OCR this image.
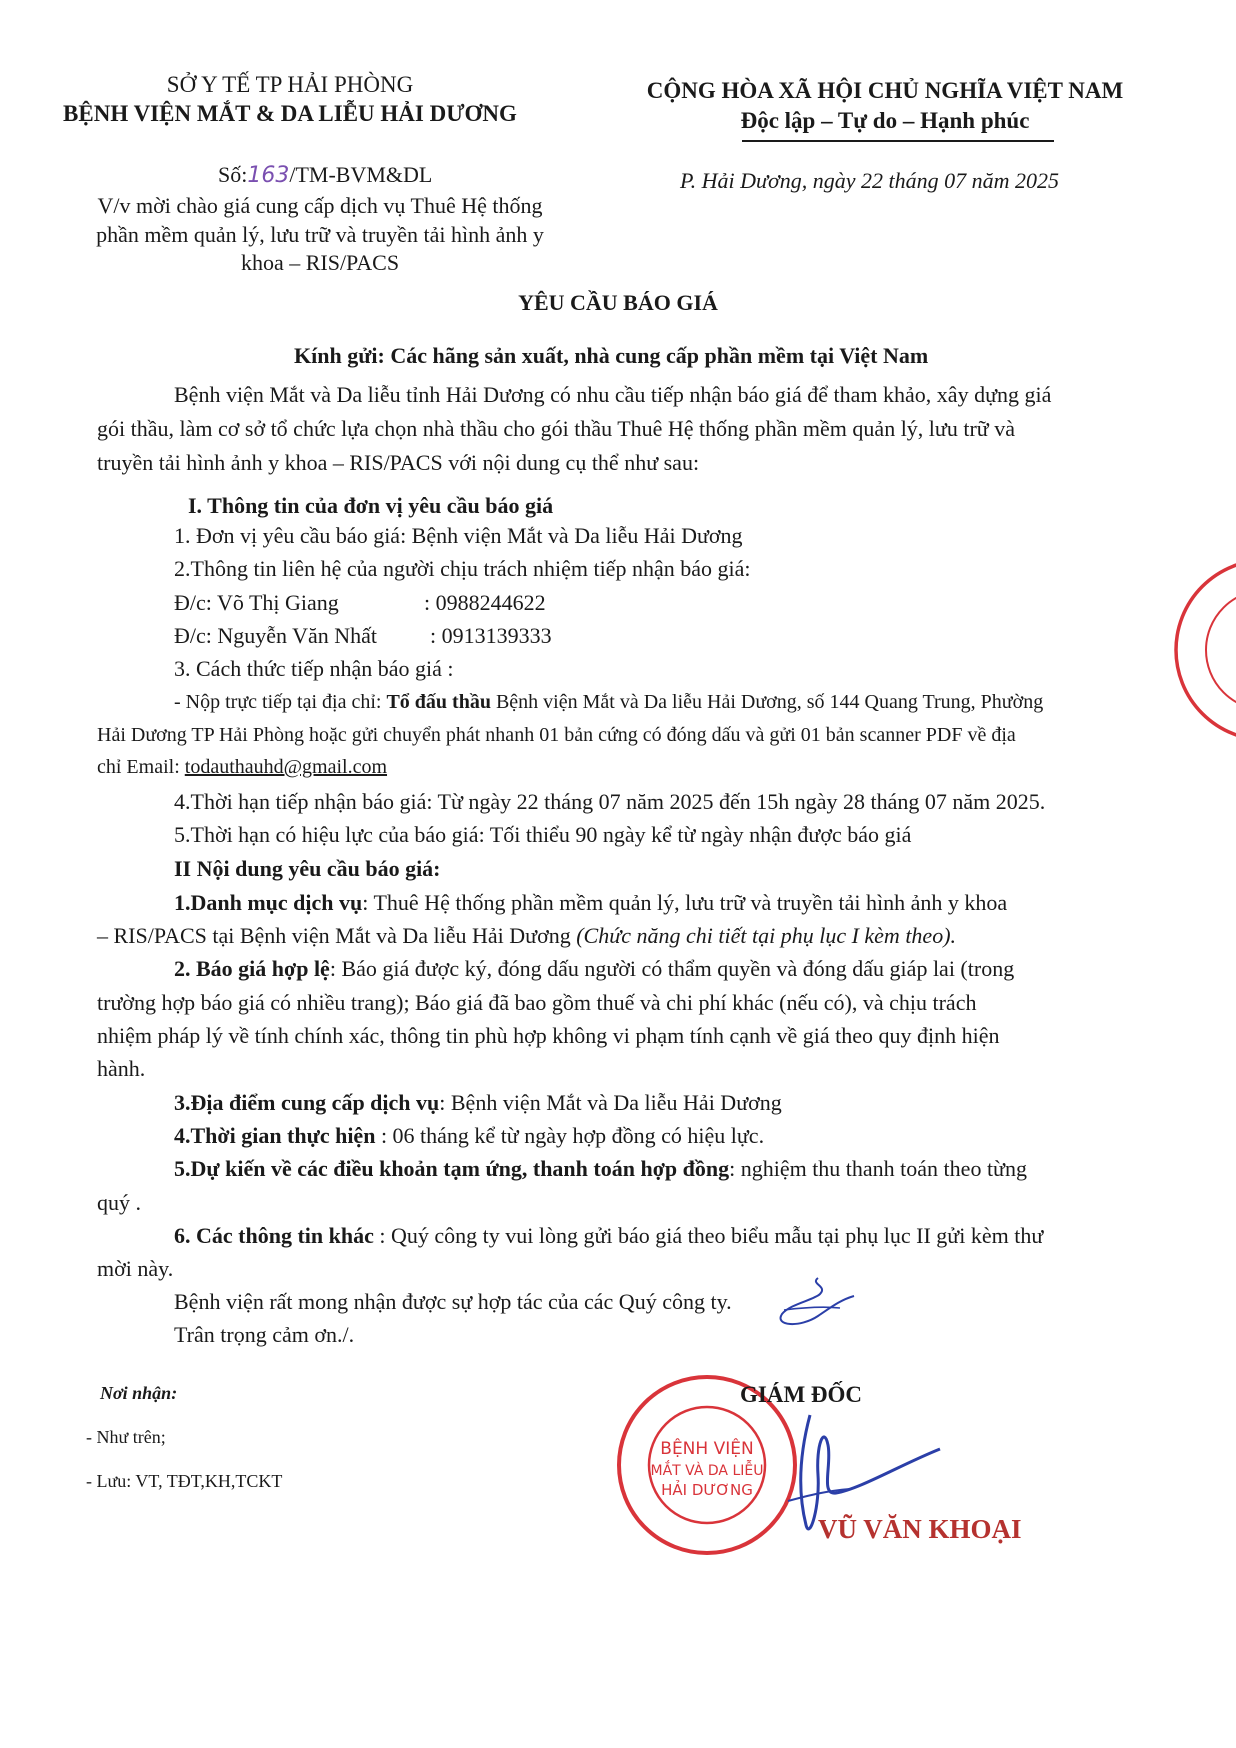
SỞ Y TẾ TP HẢI PHÒNG
BỆNH VIỆN MẮT & DA LIỄU HẢI DƯƠNG
CỘNG HÒA XÃ HỘI CHỦ NGHĨA VIỆT NAM
Độc lập – Tự do – Hạnh phúc
Số:163/TM-BVM&DL	P. Hải Dương, ngày 22 tháng 07 năm 2025
V/v mời chào giá cung cấp dịch vụ Thuê Hệ thống
phần mềm quản lý, lưu trữ và truyền tải hình ảnh y
khoa – RIS/PACS
YÊU CẦU BÁO GIÁ
Kính gửi: Các hãng sản xuất, nhà cung cấp phần mềm tại Việt Nam
Bệnh viện Mắt và Da liễu tỉnh Hải Dương có nhu cầu tiếp nhận báo giá để tham khảo, xây dựng giá
gói thầu, làm cơ sở tổ chức lựa chọn nhà thầu cho gói thầu Thuê Hệ thống phần mềm quản lý, lưu trữ và
truyền tải hình ảnh y khoa – RIS/PACS với nội dung cụ thể như sau:
I. Thông tin của đơn vị yêu cầu báo giá
1. Đơn vị yêu cầu báo giá: Bệnh viện Mắt và Da liễu Hải Dương
2.Thông tin liên hệ của người chịu trách nhiệm tiếp nhận báo giá:
Đ/c: Võ Thị Giang	: 0988244622
Đ/c: Nguyễn Văn Nhất : 0913139333
3. Cách thức tiếp nhận báo giá :
- Nộp trực tiếp tại địa chỉ: Tổ đấu thầu Bệnh viện Mắt và Da liễu Hải Dương, số 144 Quang Trung, Phường
Hải Dương TP Hải Phòng hoặc gửi chuyển phát nhanh 01 bản cứng có đóng dấu và gửi 01 bản scanner PDF về địa
chỉ Email: todauthauhd@gmail.com
4.Thời hạn tiếp nhận báo giá: Từ ngày 22 tháng 07 năm 2025 đến 15h ngày 28 tháng 07 năm 2025.
5.Thời hạn có hiệu lực của báo giá: Tối thiểu 90 ngày kể từ ngày nhận được báo giá
II Nội dung yêu cầu báo giá:
1.Danh mục dịch vụ: Thuê Hệ thống phần mềm quản lý, lưu trữ và truyền tải hình ảnh y khoa
– RIS/PACS tại Bệnh viện Mắt và Da liễu Hải Dương (Chức năng chi tiết tại phụ lục I kèm theo).
2. Báo giá hợp lệ: Báo giá được ký, đóng dấu người có thẩm quyền và đóng dấu giáp lai (trong
trường hợp báo giá có nhiều trang); Báo giá đã bao gồm thuế và chi phí khác (nếu có), và chịu trách
nhiệm pháp lý về tính chính xác, thông tin phù hợp không vi phạm tính cạnh về giá theo quy định hiện
hành.
3.Địa điểm cung cấp dịch vụ: Bệnh viện Mắt và Da liễu Hải Dương
4.Thời gian thực hiện : 06 tháng kể từ ngày hợp đồng có hiệu lực.
5.Dự kiến về các điều khoản tạm ứng, thanh toán hợp đồng: nghiệm thu thanh toán theo từng
quý .
6. Các thông tin khác : Quý công ty vui lòng gửi báo giá theo biểu mẫu tại phụ lục II gửi kèm thư
mời này.
Bệnh viện rất mong nhận được sự hợp tác của các Quý công ty.
Trân trọng cảm ơn./.
Nơi nhận:
- Như trên;
- Lưu: VT, TĐT,KH,TCKT
BỆNH VIỆN
MẮT VÀ DA LIỄU
HẢI DƯƠNG
GIÁM ĐỐC
VŨ VĂN KHOẠI
